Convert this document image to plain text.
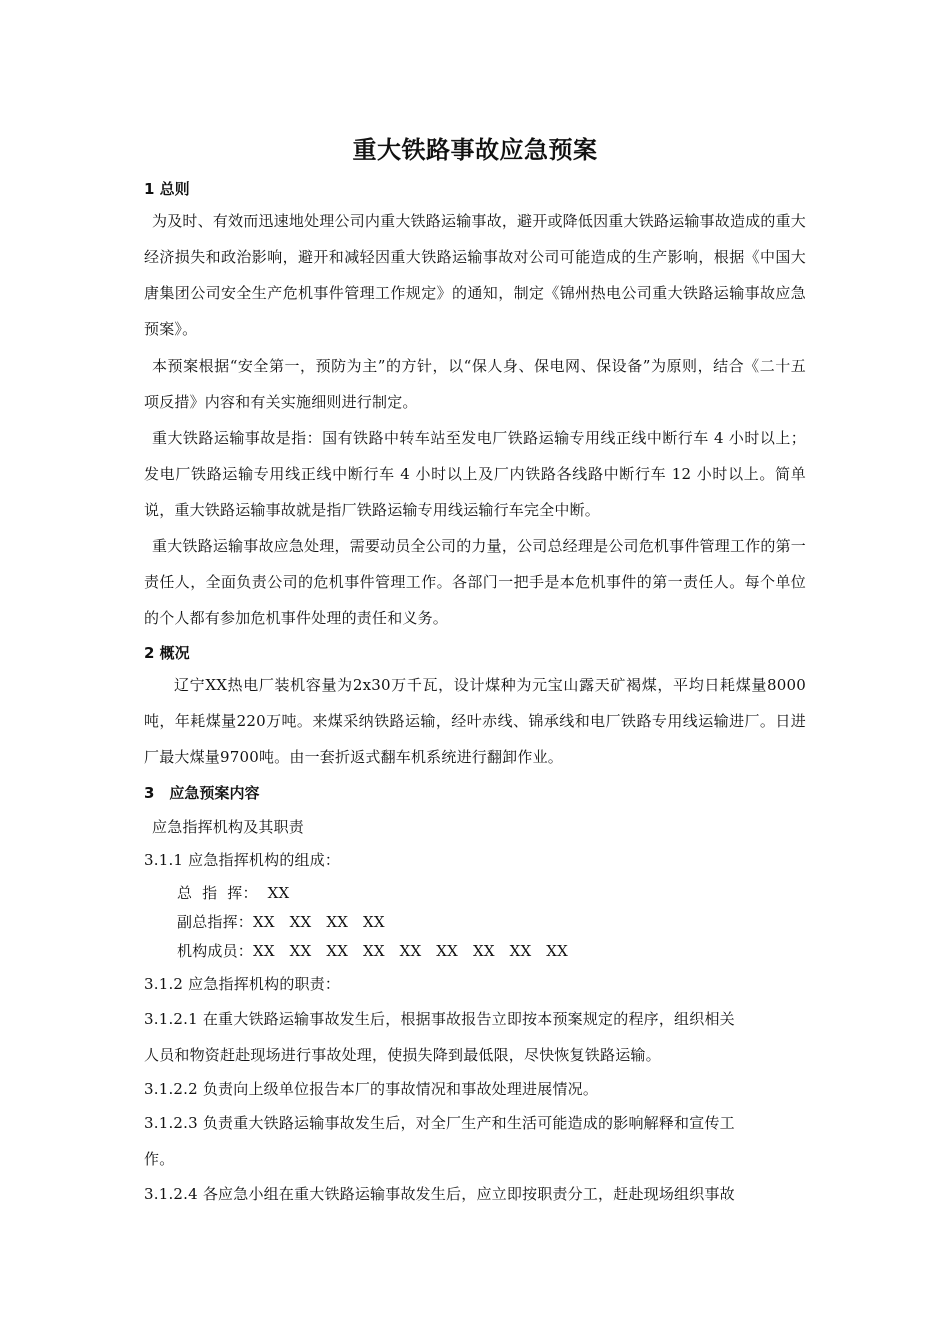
重大铁路事故应急预案
1 总则
为及时、有效而迅速地处理公司内重大铁路运输事故，避开或降低因重大铁路运输事故造成的重大经济损失和政治影响，避开和减轻因重大铁路运输事故对公司可能造成的生产影响，根据《中国大唐集团公司安全生产危机事件管理工作规定》的通知，制定《锦州热电公司重大铁路运输事故应急预案》。
本预案根据“安全第一，预防为主”的方针，以“保人身、保电网、保设备”为原则，结合《二十五项反措》内容和有关实施细则进行制定。
重大铁路运输事故是指：国有铁路中转车站至发电厂铁路运输专用线正线中断行车 4 小时以上；发电厂铁路运输专用线正线中断行车 4 小时以上及厂内铁路各线路中断行车 12 小时以上。简单说，重大铁路运输事故就是指厂铁路运输专用线运输行车完全中断。
重大铁路运输事故应急处理，需要动员全公司的力量，公司总经理是公司危机事件管理工作的第一责任人，全面负责公司的危机事件管理工作。各部门一把手是本危机事件的第一责任人。每个单位的个人都有参加危机事件处理的责任和义务。
2 概况
辽宁XX热电厂装机容量为2x30万千瓦，设计煤种为元宝山露天矿褐煤，平均日耗煤量8000吨，年耗煤量220万吨。来煤采纳铁路运输，经叶赤线、锦承线和电厂铁路专用线运输进厂。日进厂最大煤量9700吨。由一套折返式翻车机系统进行翻卸作业。
3　应急预案内容
应急指挥机构及其职责
3.1.1 应急指挥机构的组成：
总  指  挥：  XX
副总指挥：XX   XX   XX   XX
机构成员：XX   XX   XX   XX   XX   XX   XX   XX   XX
3.1.2 应急指挥机构的职责：
3.1.2.1 在重大铁路运输事故发生后，根据事故报告立即按本预案规定的程序，组织相关
人员和物资赶赴现场进行事故处理，使损失降到最低限，尽快恢复铁路运输。
3.1.2.2 负责向上级单位报告本厂的事故情况和事故处理进展情况。
3.1.2.3 负责重大铁路运输事故发生后，对全厂生产和生活可能造成的影响解释和宣传工
作。
3.1.2.4 各应急小组在重大铁路运输事故发生后，应立即按职责分工，赶赴现场组织事故
